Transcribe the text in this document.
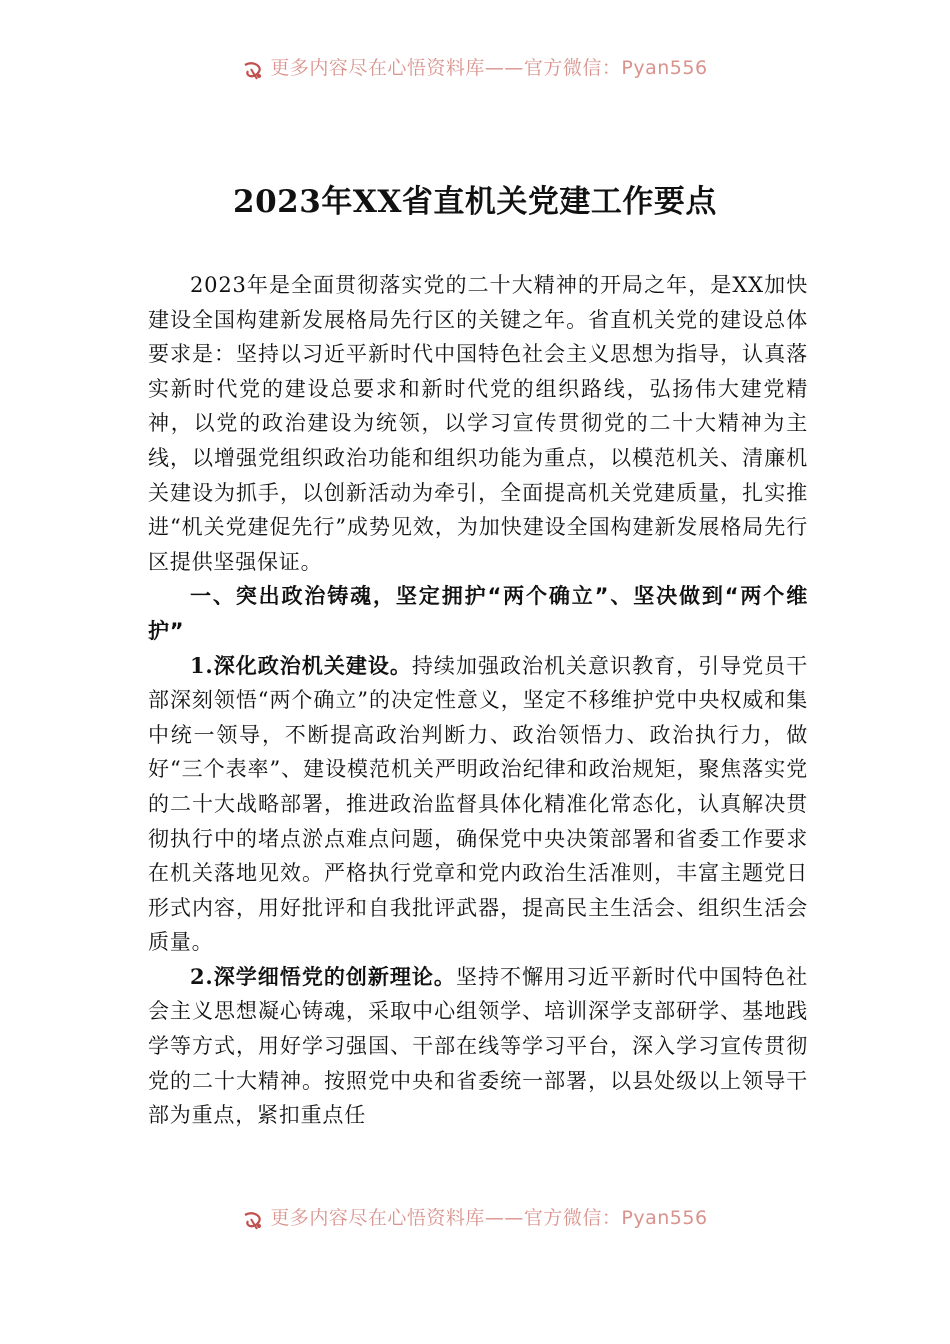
更多内容尽在心悟资料库——官方微信：Pyan556
2023年XX省直机关党建工作要点

2023年是全面贯彻落实党的二十大精神的开局之年，是XX加快建设全国构建新发展格局先行区的关键之年。省直机关党的建设总体要求是：坚持以习近平新时代中国特色社会主义思想为指导，认真落实新时代党的建设总要求和新时代党的组织路线，弘扬伟大建党精神，以党的政治建设为统领，以学习宣传贯彻党的二十大精神为主线，以增强党组织政治功能和组织功能为重点，以模范机关、清廉机关建设为抓手，以创新活动为牵引，全面提高机关党建质量，扎实推进“机关党建促先行”成势见效，为加快建设全国构建新发展格局先行区提供坚强保证。

一、突出政治铸魂，坚定拥护“两个确立”、坚决做到“两个维护”

1.深化政治机关建设。持续加强政治机关意识教育，引导党员干部深刻领悟“两个确立”的决定性意义，坚定不移维护党中央权威和集中统一领导，不断提高政治判断力、政治领悟力、政治执行力，做好“三个表率”、建设模范机关严明政治纪律和政治规矩，聚焦落实党的二十大战略部署，推进政治监督具体化精准化常态化，认真解决贯彻执行中的堵点淤点难点问题，确保党中央决策部署和省委工作要求在机关落地见效。严格执行党章和党内政治生活准则，丰富主题党日形式内容，用好批评和自我批评武器，提高民主生活会、组织生活会质量。

2.深学细悟党的创新理论。坚持不懈用习近平新时代中国特色社会主义思想凝心铸魂，采取中心组领学、培训深学支部研学、基地践学等方式，用好学习强国、干部在线等学习平台，深入学习宣传贯彻党的二十大精神。按照党中央和省委统一部署，以县处级以上领导干部为重点，紧扣重点任

更多内容尽在心悟资料库——官方微信：Pyan556
